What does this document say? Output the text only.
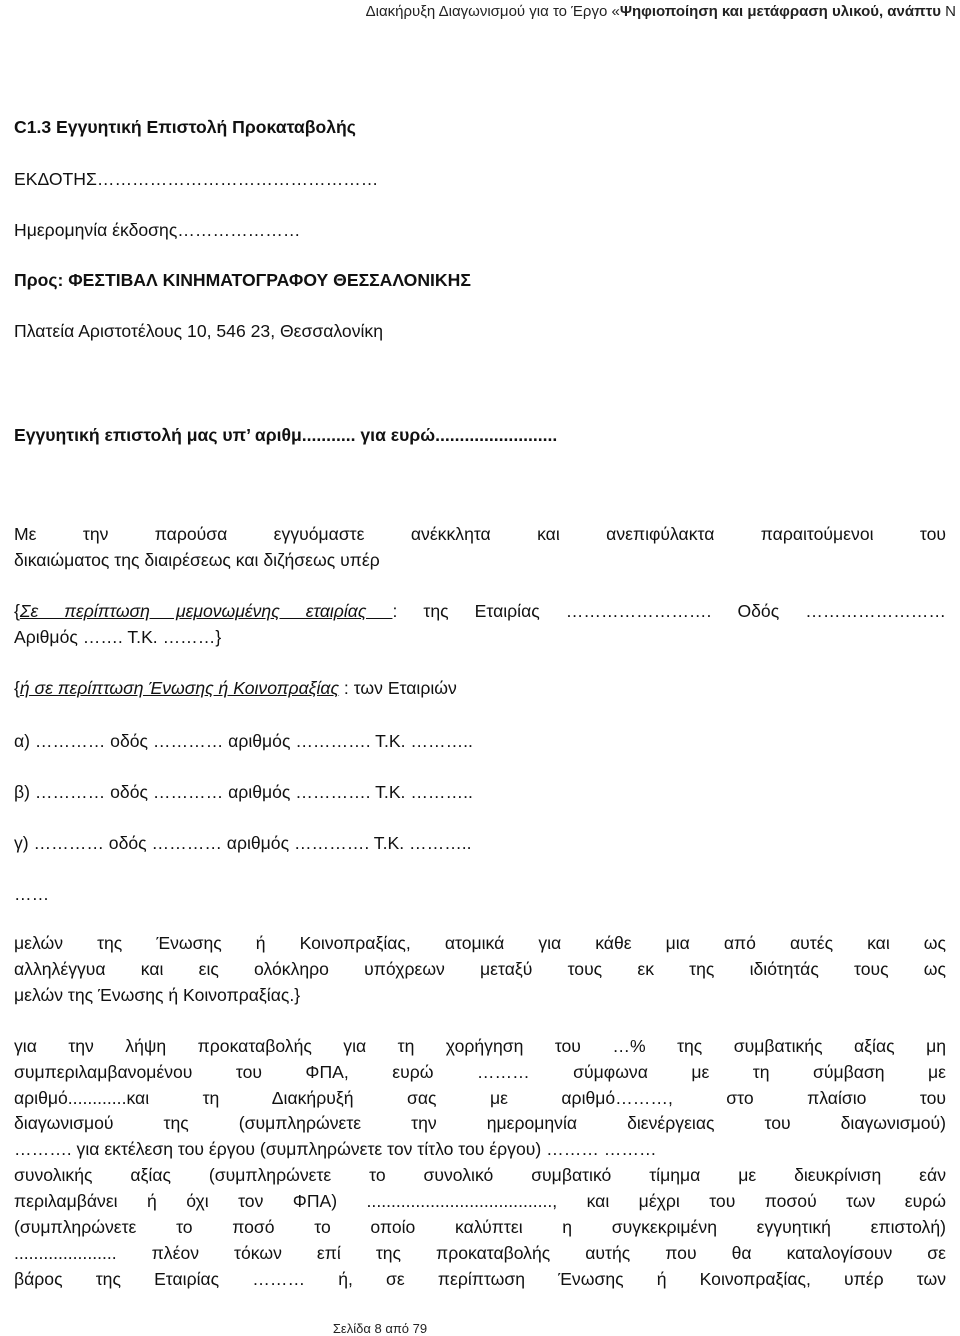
Διακήρυξη Διαγωνισμού για το Έργο «Ψηφιοποίηση και μετάφραση υλικού, ανάπτυ Ν
C1.3 Εγγυητική Επιστολή Προκαταβολής
ΕΚΔΟΤΗΣ…………………………………………
Ημερομηνία έκδοσης…………………
Προς: ΦΕΣΤΙΒΑΛ ΚΙΝΗΜΑΤΟΓΡΑΦΟΥ ΘΕΣΣΑΛΟΝΙΚΗΣ
Πλατεία Αριστοτέλους 10, 546 23, Θεσσαλονίκη
Εγγυητική επιστολή μας υπ’ αριθμ........... για ευρώ.........................
Με την παρούσα εγγυόμαστε ανέκκλητα και ανεπιφύλακτα παραιτούμενοι του
δικαιώματος της διαιρέσεως και διζήσεως υπέρ
{Σε περίπτωση μεμονωμένης εταιρίας : της Εταιρίας ……………………. Οδός ……………………
Αριθμός ……. Τ.Κ. ………}
{ή σε περίπτωση Ένωσης ή Κοινοπραξίας : των Εταιριών
α) ………… οδός ………… αριθμός …………. Τ.Κ. ………..
β) ………… οδός ………… αριθμός …………. Τ.Κ. ………..
γ) ………… οδός ………… αριθμός …………. Τ.Κ. ………..
……
μελών της Ένωσης ή Κοινοπραξίας, ατομικά για κάθε μια από αυτές και ως
αλληλέγγυα και εις ολόκληρο υπόχρεων μεταξύ τους εκ της ιδιότητάς τους ως
μελών της Ένωσης ή Κοινοπραξίας.}
για την λήψη προκαταβολής για τη χορήγηση του …% της συμβατικής αξίας μη
συμπεριλαμβανομένου του ΦΠΑ, ευρώ ……… σύμφωνα με τη σύμβαση με
αριθμό............και τη Διακήρυξή σας με αριθμό………, στο πλαίσιο του
διαγωνισμού της (συμπληρώνετε την ημερομηνία διενέργειας του διαγωνισμού)
………. για εκτέλεση του έργου (συμπληρώνετε τον τίτλο του έργου) ……… ………
συνολικής αξίας (συμπληρώνετε το συνολικό συμβατικό τίμημα με διευκρίνιση εάν
περιλαμβάνει ή όχι τον ΦΠΑ) ......................................, και μέχρι του ποσού των ευρώ
(συμπληρώνετε το ποσό το οποίο καλύπτει η συγκεκριμένη εγγυητική επιστολή)
..................... πλέον τόκων επί της προκαταβολής αυτής που θα καταλογίσουν σε
βάρος της Εταιρίας ……… ή, σε περίπτωση Ένωσης ή Κοινοπραξίας, υπέρ των
Σελίδα 8 από 79
